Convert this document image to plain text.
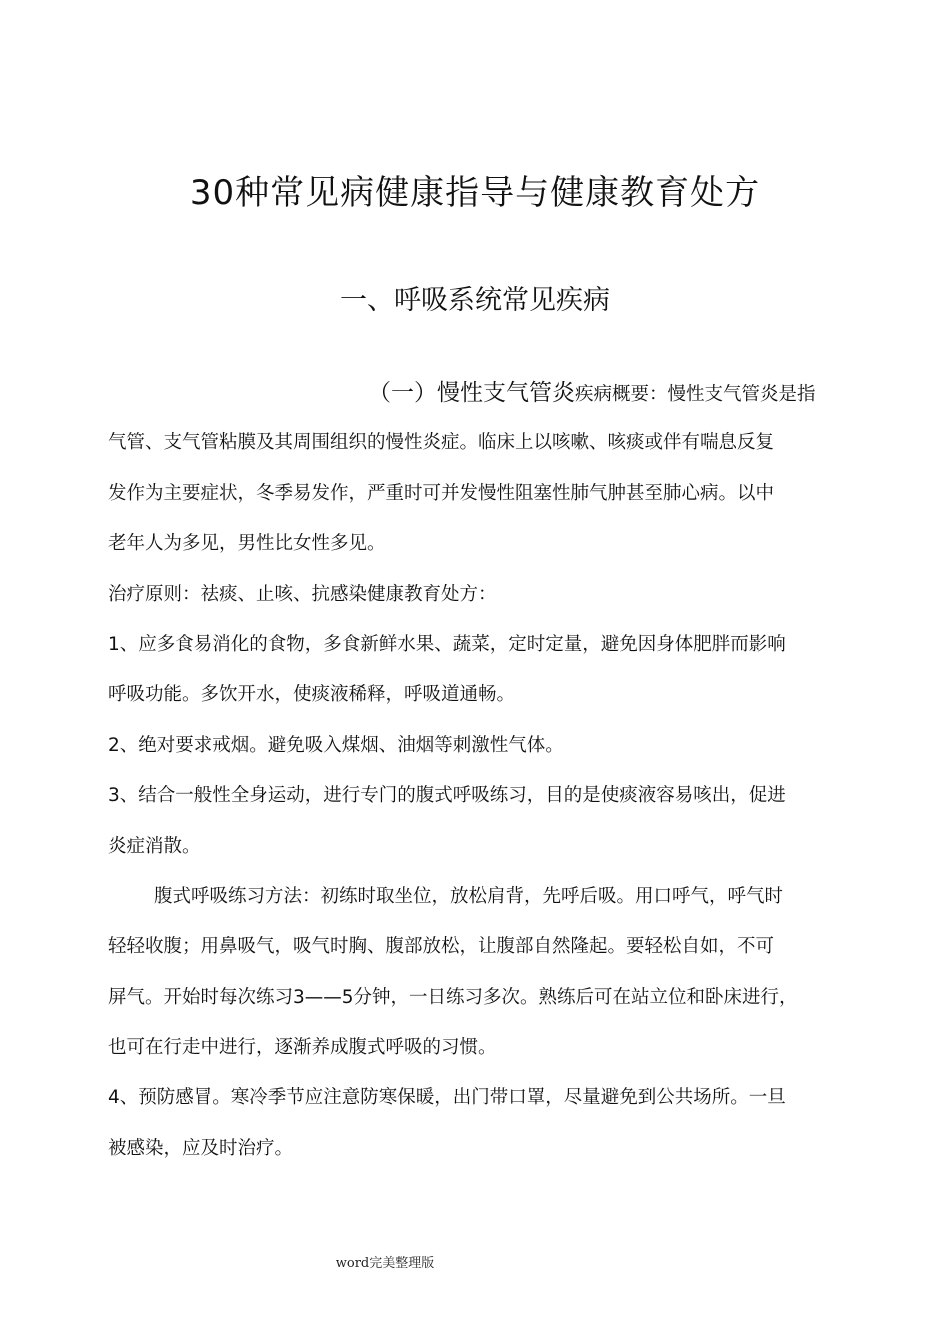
30种常见病健康指导与健康教育处方
一、呼吸系统常见疾病
（一）慢性支气管炎疾病概要：慢性支气管炎是指
气管、支气管粘膜及其周围组织的慢性炎症。临床上以咳嗽、咳痰或伴有喘息反复
发作为主要症状，冬季易发作，严重时可并发慢性阻塞性肺气肿甚至肺心病。以中
老年人为多见，男性比女性多见。
治疗原则：祛痰、止咳、抗感染健康教育处方：
1、应多食易消化的食物，多食新鲜水果、蔬菜，定时定量，避免因身体肥胖而影响
呼吸功能。多饮开水，使痰液稀释，呼吸道通畅。
2、绝对要求戒烟。避免吸入煤烟、油烟等刺激性气体。
3、结合一般性全身运动，进行专门的腹式呼吸练习，目的是使痰液容易咳出，促进
炎症消散。
腹式呼吸练习方法：初练时取坐位，放松肩背，先呼后吸。用口呼气，呼气时
轻轻收腹；用鼻吸气，吸气时胸、腹部放松，让腹部自然隆起。要轻松自如，不可
屏气。开始时每次练习3——5分钟，一日练习多次。熟练后可在站立位和卧床进行，
也可在行走中进行，逐渐养成腹式呼吸的习惯。
4、预防感冒。寒冷季节应注意防寒保暖，出门带口罩，尽量避免到公共场所。一旦
被感染，应及时治疗。
word完美整理版
